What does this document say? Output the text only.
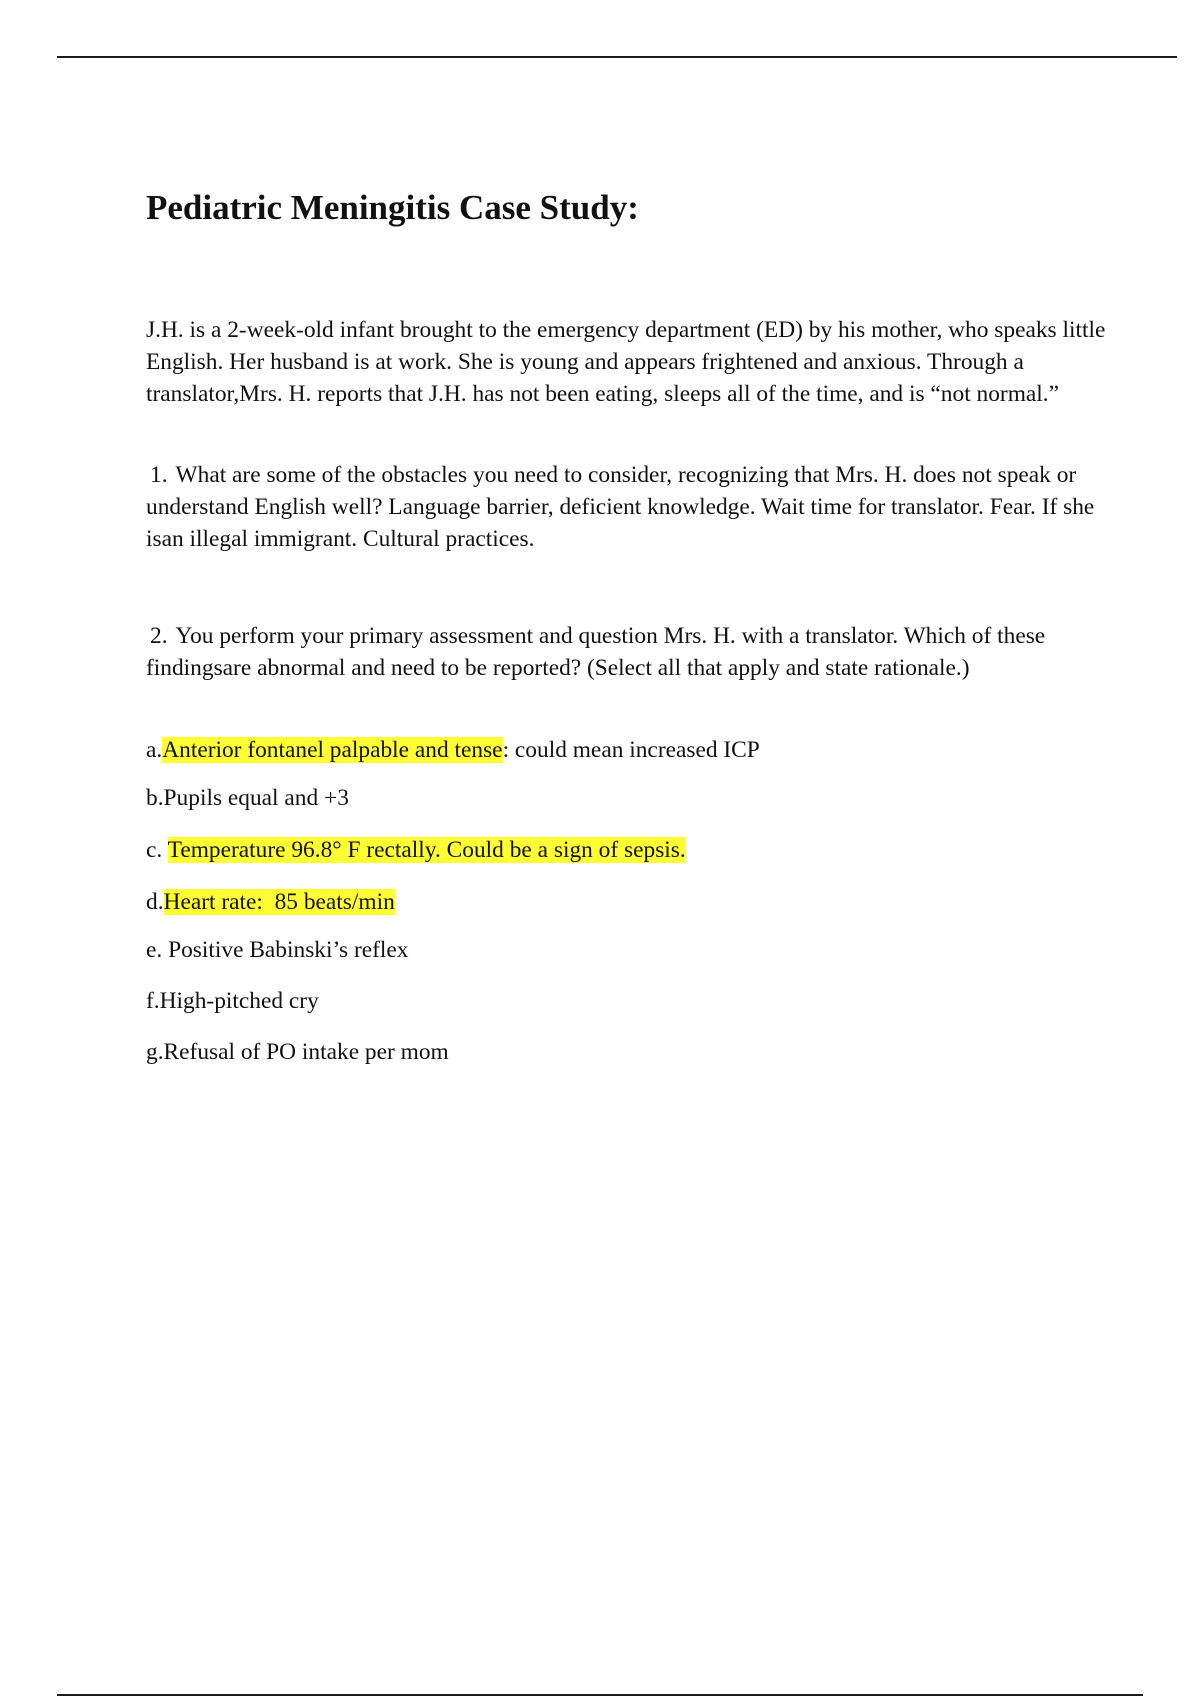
Pediatric Meningitis Case Study:

J.H. is a 2-week-old infant brought to the emergency department (ED) by his mother, who speaks little English. Her husband is at work. She is young and appears frightened and anxious. Through a translator,Mrs. H. reports that J.H. has not been eating, sleeps all of the time, and is “not normal.”

1. What are some of the obstacles you need to consider, recognizing that Mrs. H. does not speak or understand English well? Language barrier, deficient knowledge. Wait time for translator. Fear. If she isan illegal immigrant. Cultural practices.

2. You perform your primary assessment and question Mrs. H. with a translator. Which of these findingsare abnormal and need to be reported? (Select all that apply and state rationale.)

a.Anterior fontanel palpable and tense: could mean increased ICP

b.Pupils equal and +3

c. Temperature 96.8° F rectally. Could be a sign of sepsis.

d.Heart rate:  85 beats/min

e. Positive Babinski’s reflex

f.High-pitched cry

g.Refusal of PO intake per mom
